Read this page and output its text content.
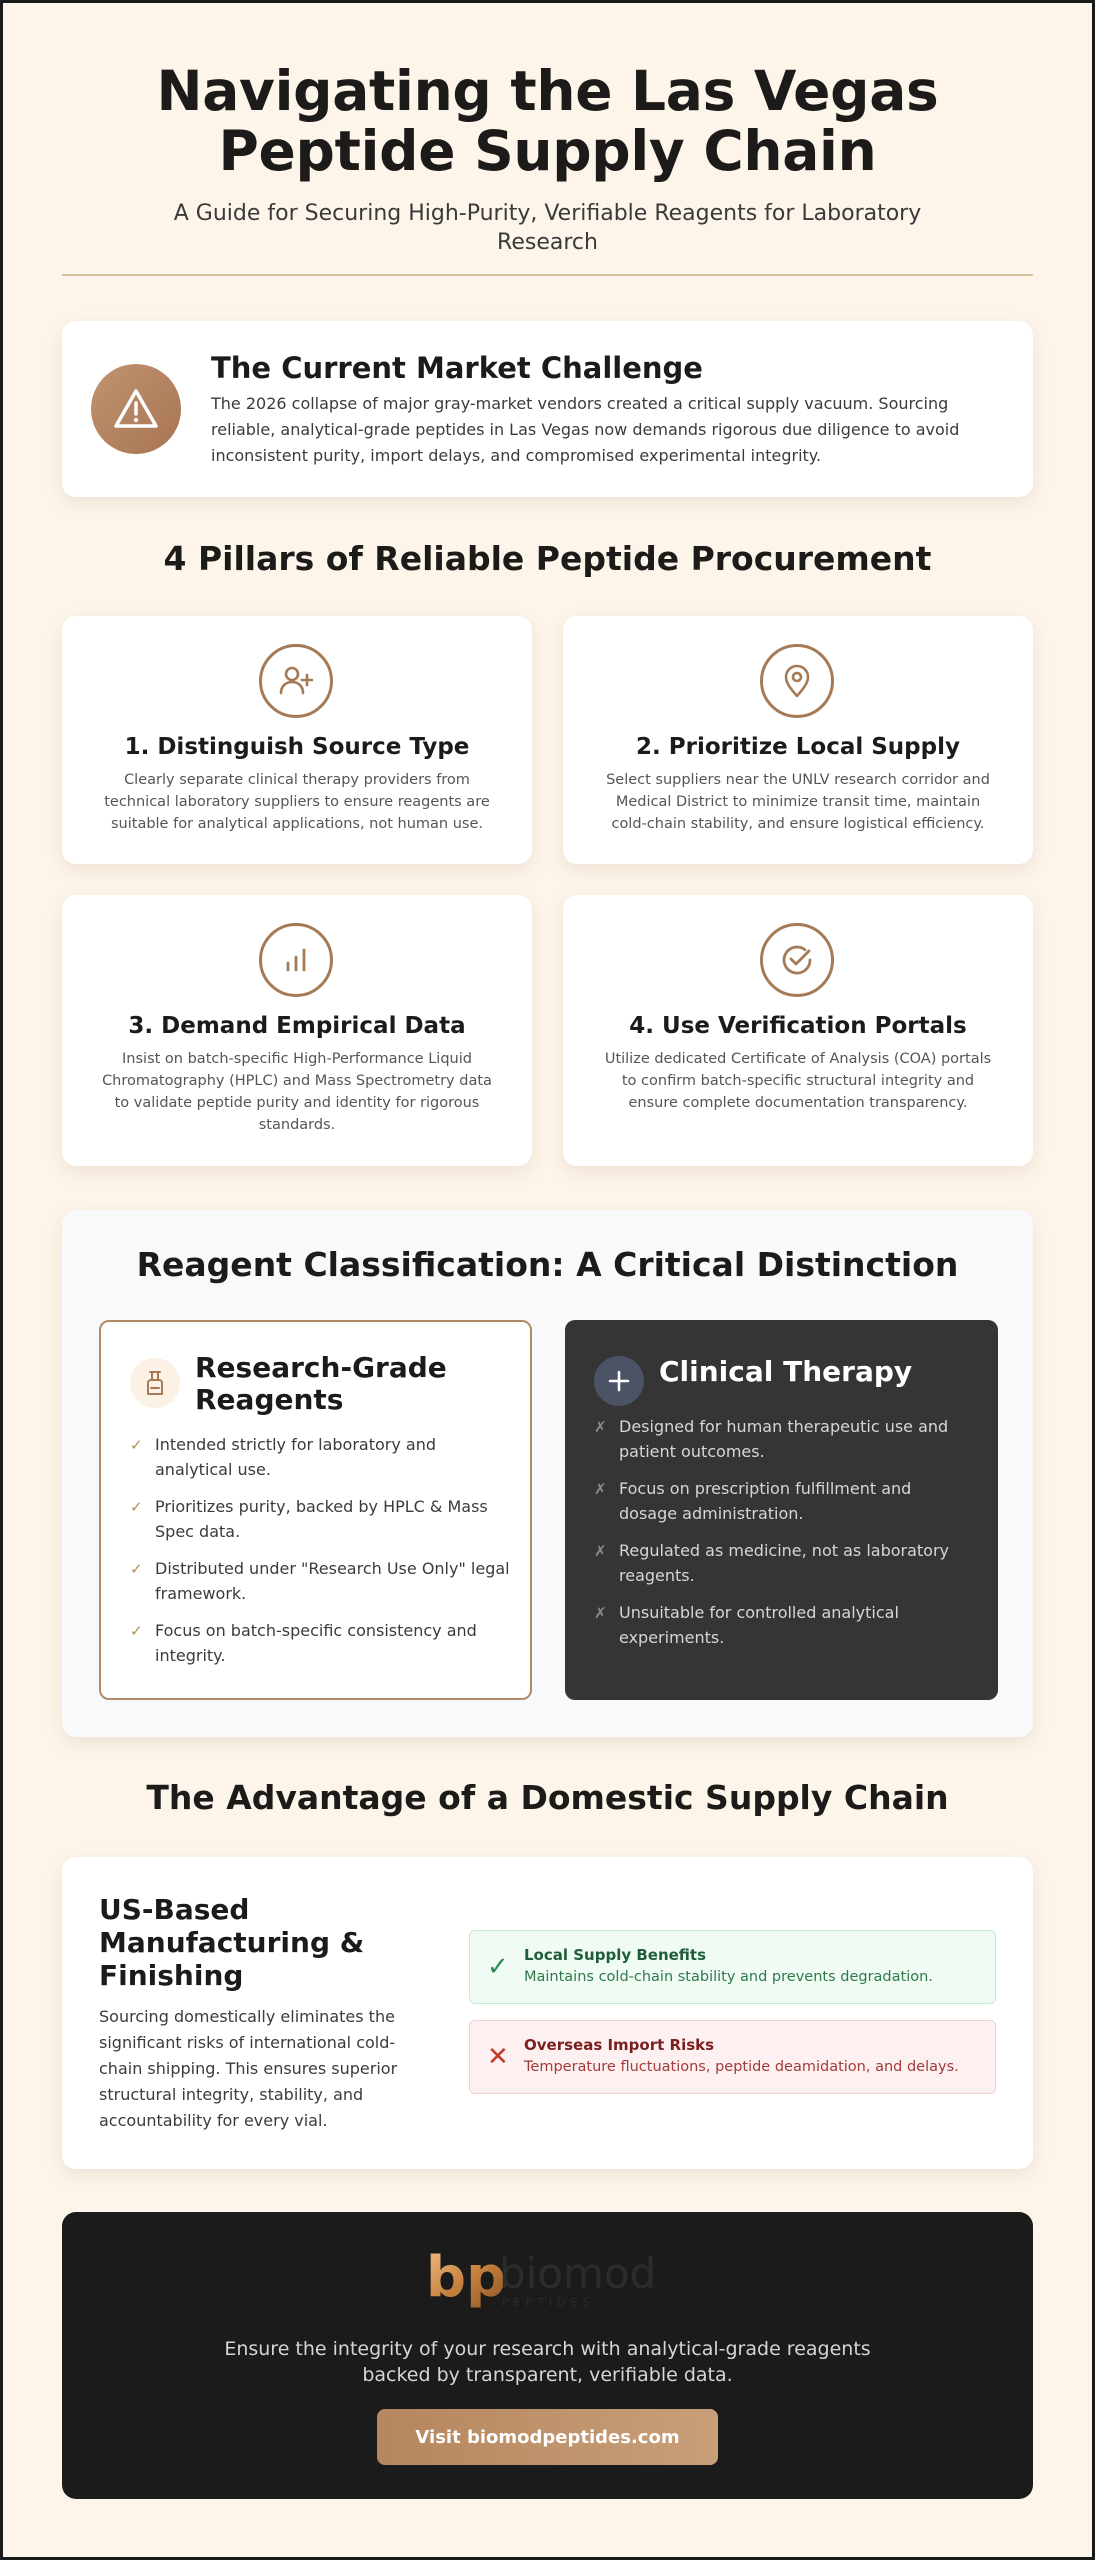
Navigating the Las Vegas Peptide Supply Chain
A Guide for Securing High-Purity, Verifiable Reagents for Laboratory Research
The Current Market Challenge

The 2026 collapse of major gray-market vendors created a critical supply vacuum. Sourcing reliable, analytical-grade peptides in Las Vegas now demands rigorous due diligence to avoid inconsistent purity, import delays, and compromised experimental integrity.

4 Pillars of Reliable Peptide Procurement
1. Distinguish Source Type

Clearly separate clinical therapy providers from technical laboratory suppliers to ensure reagents are suitable for analytical applications, not human use.

2. Prioritize Local Supply

Select suppliers near the UNLV research corridor and Medical District to minimize transit time, maintain cold-chain stability, and ensure logistical efficiency.

3. Demand Empirical Data

Insist on batch-specific High-Performance Liquid Chromatography (HPLC) and Mass Spectrometry data to validate peptide purity and identity for rigorous standards.

4. Use Verification Portals

Utilize dedicated Certificate of Analysis (COA) portals to confirm batch-specific structural integrity and ensure complete documentation transparency.

Reagent Classification: A Critical Distinction
Research-Grade Reagents
✓ Intended strictly for laboratory and analytical use.
✓ Prioritizes purity, backed by HPLC & Mass Spec data.
✓ Distributed under "Research Use Only" legal framework.
✓ Focus on batch-specific consistency and integrity.
Clinical Therapy
✗ Designed for human therapeutic use and patient outcomes.
✗ Focus on prescription fulfillment and dosage administration.
✗ Regulated as medicine, not as laboratory reagents.
✗ Unsuitable for controlled analytical experiments.
The Advantage of a Domestic Supply Chain
US-Based Manufacturing & Finishing

Sourcing domestically eliminates the significant risks of international cold-chain shipping. This ensures superior structural integrity, stability, and accountability for every vial.

✓ Local Supply Benefits
Maintains cold-chain stability and prevents degradation.
✕ Overseas Import Risks
Temperature fluctuations, peptide deamidation, and delays.
bp
biomod
PEPTIDES
Ensure the integrity of your research with analytical-grade reagents backed by transparent, verifiable data.
Visit biomodpeptides.com
